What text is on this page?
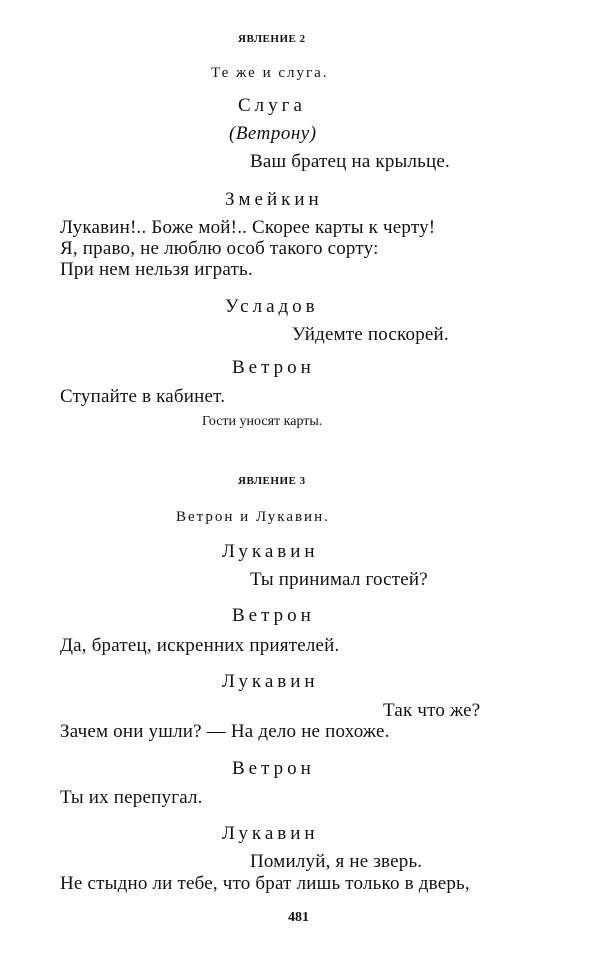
ЯВЛЕНИЕ 2
Те же и слуга.
Слуга
(Ветрону)
Ваш братец на крыльце.
Змейкин
Лукавин!.. Боже мой!.. Скорее карты к черту!
Я, право, не люблю особ такого сорту:
При нем нельзя играть.
Усладов
Уйдемте поскорей.
Ветрон
Ступайте в кабинет.
Гости уносят карты.
ЯВЛЕНИЕ 3
Ветрон и Лукавин.
Лукавин
Ты принимал гостей?
Ветрон
Да, братец, искренних приятелей.
Лукавин
Так что же?
Зачем они ушли? — На дело не похоже.
Ветрон
Ты их перепугал.
Лукавин
Помилуй, я не зверь.
Не стыдно ли тебе, что брат лишь только в дверь,
481
